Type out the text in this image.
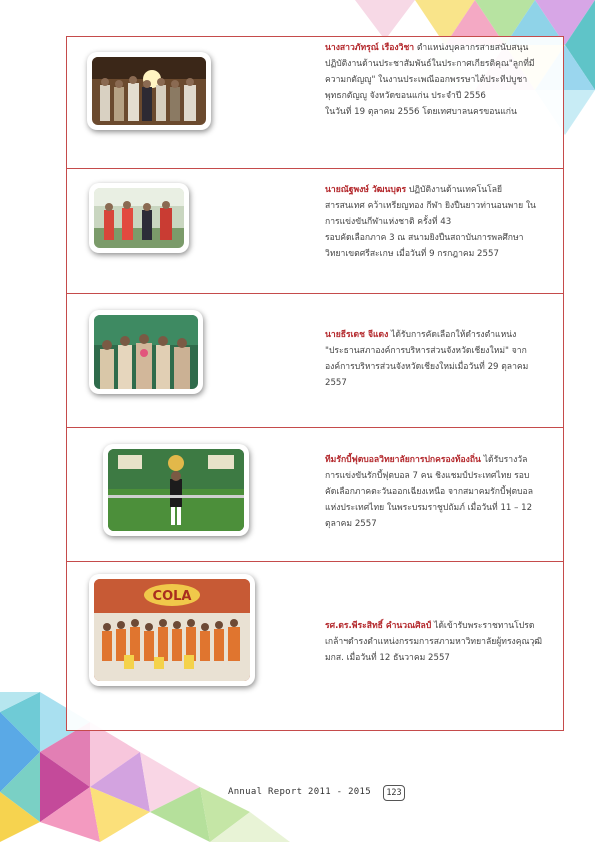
นางสาวภัทรุณ์ เรืองวิชา ตำแหน่งบุคลากรสายสนับสนุน
ปฏิบัติงานด้านประชาสัมพันธ์ในประกาศเกียรติคุณ"ลูกที่มี
ความกตัญญู" ในงานประเพณีออกพรรษาไต้ประทีปบูชา
พุทธกตัญญู จังหวัดขอนแก่น ประจำปี 2556
ในวันที่ 19 ตุลาคม 2556 โดยเทศบาลนครขอนแก่น
นายณัฐพงษ์ วัฒนบุตร ปฏิบัติงานด้านเทคโนโลยี
สารสนเทศ คว้าเหรียญทอง กีฬา ยิงปืนยาวท่านอนพาย ใน
การแข่งขันกีฬาแห่งชาติ ครั้งที่ 43
รอบคัดเลือกภาค 3 ณ สนามยิงปืนสถาบันการพลศึกษา
วิทยาเขตศรีสะเกษ เมื่อวันที่ 9 กรกฎาคม 2557
นายธีรเดช จีแดง ได้รับการคัดเลือกให้ดำรงตำแหน่ง
"ประธานสภาองค์การบริหารส่วนจังหวัดเชียงใหม่" จาก
องค์การบริหารส่วนจังหวัดเชียงใหม่เมื่อวันที่ 29 ตุลาคม
2557
ทีมรักบี้ฟุตบอลวิทยาลัยการปกครองท้องถิ่น ได้รับรางวัล
การแข่งขันรักบี้ฟุตบอล 7 คน ชิงแชมป์ประเทศไทย รอบ
คัดเลือกภาคตะวันออกเฉียงเหนือ จากสมาคมรักบี้ฟุตบอล
แห่งประเทศไทย ในพระบรมราชูปถัมภ์ เมื่อวันที่ 11 – 12
ตุลาคม 2557
COLA
รศ.ดร.พีระสิทธิ์ คำนวณศิลป์ ได้เข้ารับพระราชทานโปรด
เกล้าฯดำรงตำแหน่งกรรมการสภามหาวิทยาลัยผู้ทรงคุณวุฒิ
มกส. เมื่อวันที่ 12 ธันวาคม 2557
Annual Report 2011 - 2015	123
